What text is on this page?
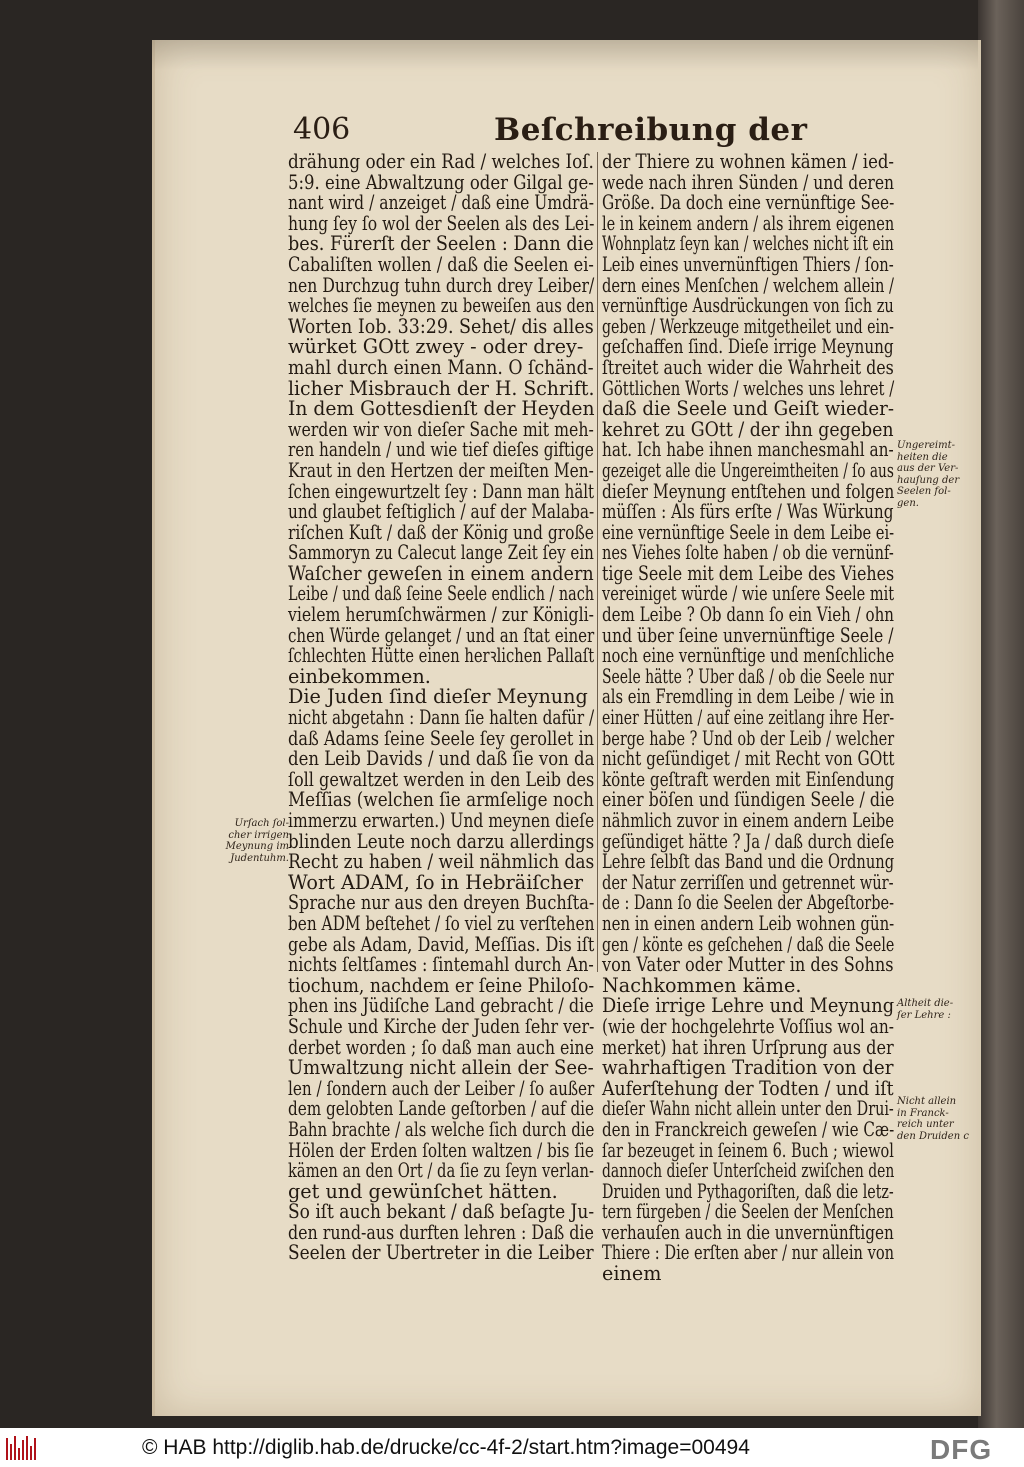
406	Beſchreibung der
drähung oder ein Rad / welches Ioſ.
5:9. eine Abwaltzung oder Gilgal ge-
nant wird / anzeiget / daß eine Umdrä-
hung ſey ſo wol der Seelen als des Lei-
bes. Fürerſt der Seelen : Dann die
Cabaliſten wollen / daß die Seelen ei-
nen Durchzug tuhn durch drey Leiber/
welches ſie meynen zu beweiſen aus den
Worten Iob. 33:29. Sehet/ dis alles
würket GOtt zwey - oder drey-
mahl durch einen Mann. O ſchänd-
licher Misbrauch der H. Schrift.
In dem Gottesdienſt der Heyden
werden wir von dieſer Sache mit meh-
ren handeln / und wie tief dieſes giftige
Kraut in den Hertzen der meiſten Men-
ſchen eingewurtzelt ſey : Dann man hält
und glaubet feſtiglich / auf der Malaba-
riſchen Kuſt / daß der König und große
Sammoryn zu Calecut lange Zeit ſey ein
Waſcher geweſen in einem andern
Leibe / und daß ſeine Seele endlich / nach
vielem herumſchwärmen / zur Königli-
chen Würde gelanget / und an ſtat einer
ſchlechten Hütte einen herꝛlichen Pallaſt
einbekommen.
Die Juden ſind dieſer Meynung
nicht abgetahn : Dann ſie halten dafür /
daß Adams ſeine Seele ſey gerollet in
den Leib Davids / und daß ſie von da
ſoll gewaltzet werden in den Leib des
Meſſias (welchen ſie armſelige noch
immerzu erwarten.) Und meynen dieſe
blinden Leute noch darzu allerdings
Recht zu haben / weil nähmlich das
Wort ADAM, ſo in Hebräiſcher
Sprache nur aus den dreyen Buchſta-
ben ADM beſtehet / ſo viel zu verſtehen
gebe als Adam, David, Meſſias. Dis iſt
nichts ſeltſames : ſintemahl durch An-
tiochum, nachdem er ſeine Philoſo-
phen ins Jüdiſche Land gebracht / die
Schule und Kirche der Juden ſehr ver-
derbet worden ; ſo daß man auch eine
Umwaltzung nicht allein der See-
len / ſondern auch der Leiber / ſo außer
dem gelobten Lande geſtorben / auf die
Bahn brachte / als welche ſich durch die
Hölen der Erden ſolten waltzen / bis ſie
kämen an den Ort / da ſie zu ſeyn verlan-
get und gewünſchet hätten.
So iſt auch bekant / daß beſagte Ju-
den rund-aus durften lehren : Daß die
Seelen der Ubertreter in die Leiber
der Thiere zu wohnen kämen / ied-
wede nach ihren Sünden / und deren
Größe. Da doch eine vernünftige See-
le in keinem andern / als ihrem eigenen
Wohnplatz ſeyn kan / welches nicht iſt ein
Leib eines unvernünftigen Thiers / ſon-
dern eines Menſchen / welchem allein /
vernünftige Ausdrückungen von ſich zu
geben / Werkzeuge mitgetheilet und ein-
geſchaffen ſind. Dieſe irrige Meynung
ſtreitet auch wider die Wahrheit des
Göttlichen Worts / welches uns lehret /
daß die Seele und Geiſt wieder-
kehret zu GOtt / der ihn gegeben
hat. Ich habe ihnen manchesmahl an-
gezeiget alle die Ungereimtheiten / ſo aus
dieſer Meynung entſtehen und folgen
müſſen : Als fürs erſte / Was Würkung
eine vernünftige Seele in dem Leibe ei-
nes Viehes ſolte haben / ob die vernünf-
tige Seele mit dem Leibe des Viehes
vereiniget würde / wie unſere Seele mit
dem Leibe ? Ob dann ſo ein Vieh / ohn
und über ſeine unvernünftige Seele /
noch eine vernünftige und menſchliche
Seele hätte ? Uber daß / ob die Seele nur
als ein Fremdling in dem Leibe / wie in
einer Hütten / auf eine zeitlang ihre Her-
berge habe ? Und ob der Leib / welcher
nicht geſündiget / mit Recht von GOtt
könte geſtraft werden mit Einſendung
einer böſen und ſündigen Seele / die
nähmlich zuvor in einem andern Leibe
geſündiget hätte ? Ja / daß durch dieſe
Lehre ſelbſt das Band und die Ordnung
der Natur zerriſſen und getrennet wür-
de : Dann ſo die Seelen der Abgeſtorbe-
nen in einen andern Leib wohnen gün-
gen / könte es geſchehen / daß die Seele
von Vater oder Mutter in des Sohns
Nachkommen käme.
Dieſe irrige Lehre und Meynung
(wie der hochgelehrte Voſſius wol an-
merket) hat ihren Urſprung aus der
wahrhaftigen Tradition von der
Auferſtehung der Todten / und iſt
dieſer Wahn nicht allein unter den Drui-
den in Franckreich geweſen / wie Cæ-
ſar bezeuget in ſeinem 6. Buch ; wiewol
dannoch dieſer Unterſcheid zwiſchen den
Druiden und Pythagoriſten, daß die letz-
tern fürgeben / die Seelen der Menſchen
verhauſen auch in die unvernünftigen
Thiere : Die erſten aber / nur allein von
einem
Urſach ſol-
cher irrigen
Meynung im
Judentuhm.
Ungereimt-
heiten die
aus der Ver-
hauſung der
Seelen fol-
gen.
Altheit die-
ſer Lehre :
Nicht allein
in Franck-
reich unter
den Druiden c
© HAB http://diglib.hab.de/drucke/cc-4f-2/start.htm?image=00494	DFG
